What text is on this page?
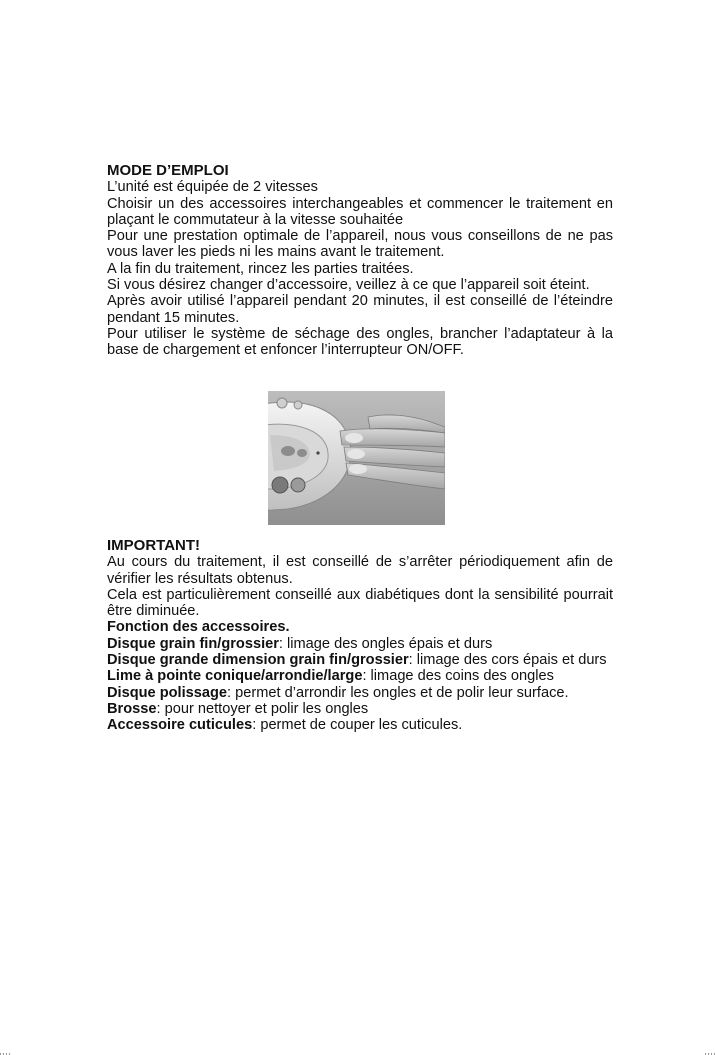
MODE D’EMPLOI

L’unité est équipée de 2 vitesses

Choisir un des accessoires interchangeables et commencer le traitement en plaçant le commutateur à la vitesse souhaitée

Pour une prestation optimale de l’appareil, nous vous conseillons de ne pas vous laver les pieds ni les mains avant le traitement.

A la fin du traitement, rincez les parties traitées.

Si vous désirez changer d’accessoire, veillez à ce que l’appareil soit éteint.

Après avoir utilisé l’appareil pendant 20 minutes, il est conseillé de l’éteindre pendant 15 minutes.

Pour utiliser le système de séchage des ongles, brancher l’adaptateur à la base de chargement et enfoncer l’interrupteur ON/OFF.

IMPORTANT!

Au cours du traitement, il est conseillé de s’arrêter périodiquement afin de vérifier les résultats obtenus.

Cela est particulièrement conseillé aux diabétiques dont la sensibilité pourrait être diminuée.

Fonction des accessoires.

Disque grain fin/grossier: limage des ongles épais et durs

Disque grande dimension grain fin/grossier: limage des cors épais et durs

Lime à pointe conique/arrondie/large: limage des coins des ongles

Disque polissage: permet d’arrondir les ongles et de polir leur surface.

Brosse: pour nettoyer et polir les ongles

Accessoire cuticules: permet de couper les cuticules.
